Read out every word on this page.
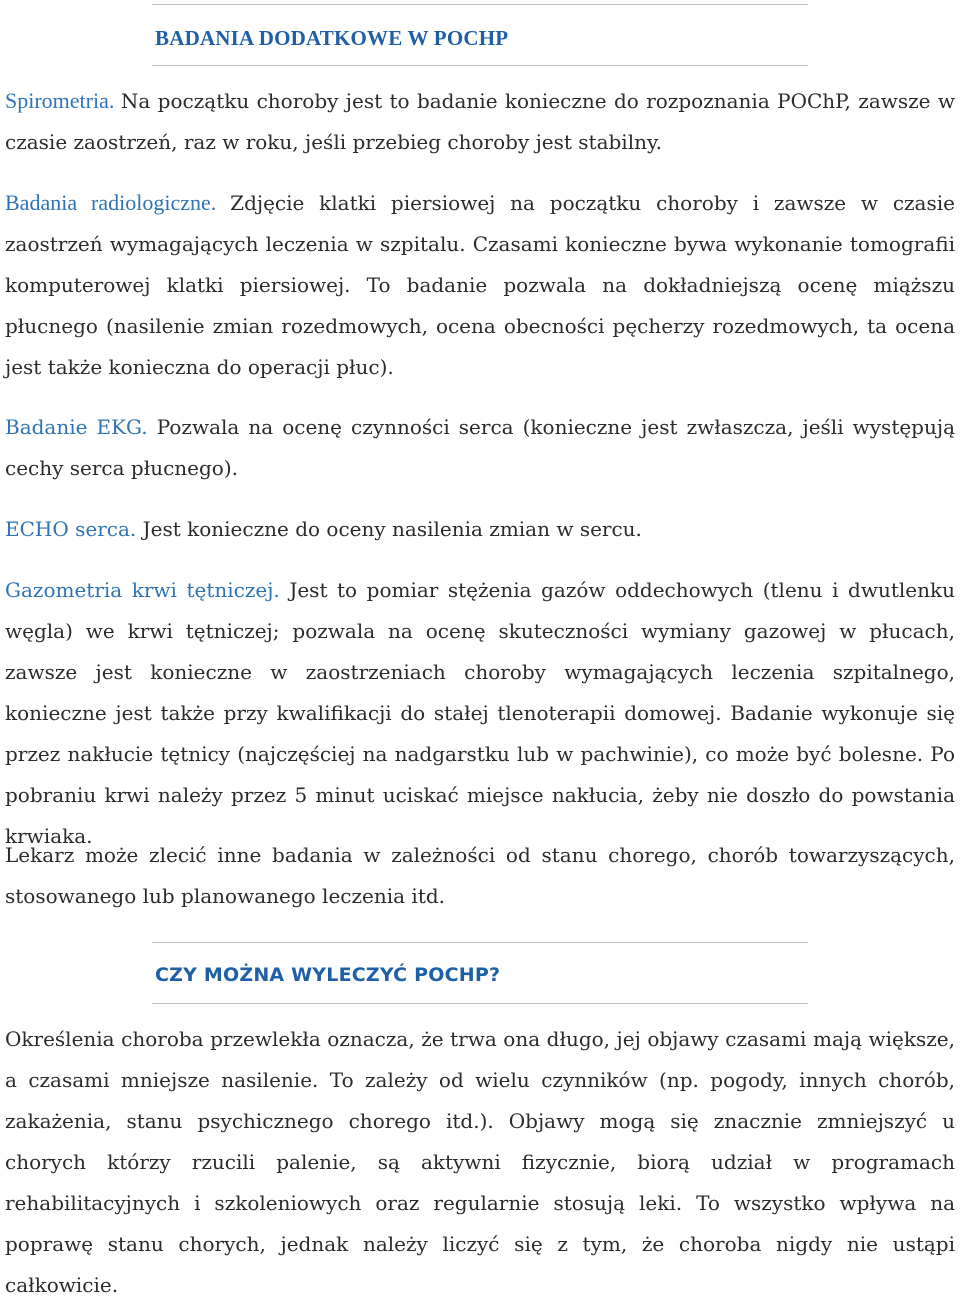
BADANIA DODATKOWE W POCHP

Spirometria. Na początku choroby jest to badanie konieczne do rozpoznania POChP, zawsze w czasie zaostrzeń, raz w roku, jeśli przebieg choroby jest stabilny.

Badania radiologiczne. Zdjęcie klatki piersiowej na początku choroby i zawsze w czasie zaostrzeń wymagających leczenia w szpitalu. Czasami konieczne bywa wykonanie tomografii komputerowej klatki piersiowej. To badanie pozwala na dokładniejszą ocenę miąższu płucnego (nasilenie zmian rozedmowych, ocena obecności pęcherzy rozedmowych, ta ocena jest także konieczna do operacji płuc).

Badanie EKG. Pozwala na ocenę czynności serca (konieczne jest zwłaszcza, jeśli występują cechy serca płucnego).

ECHO serca. Jest konieczne do oceny nasilenia zmian w sercu.

Gazometria krwi tętniczej. Jest to pomiar stężenia gazów oddechowych (tlenu i dwutlenku węgla) we krwi tętniczej; pozwala na ocenę skuteczności wymiany gazowej w płucach, zawsze jest konieczne w zaostrzeniach choroby wymagających leczenia szpitalnego, konieczne jest także przy kwalifikacji do stałej tlenoterapii domowej. Badanie wykonuje się przez nakłucie tętnicy (najczęściej na nadgarstku lub w pachwinie), co może być bolesne. Po pobraniu krwi należy przez 5 minut uciskać miejsce nakłucia, żeby nie doszło do powstania krwiaka.

Lekarz może zlecić inne badania w zależności od stanu chorego, chorób towarzyszących, stosowanego lub planowanego leczenia itd.

CZY MOŻNA WYLECZYĆ POCHP?

Określenia choroba przewlekła oznacza, że trwa ona długo, jej objawy czasami mają większe, a czasami mniejsze nasilenie. To zależy od wielu czynników (np. pogody, innych chorób, zakażenia, stanu psychicznego chorego itd.). Objawy mogą się znacznie zmniejszyć u chorych którzy rzucili palenie, są aktywni fizycznie, biorą udział w programach rehabilitacyjnych i szkoleniowych oraz regularnie stosują leki. To wszystko wpływa na poprawę stanu chorych, jednak należy liczyć się z tym, że choroba nigdy nie ustąpi całkowicie.
